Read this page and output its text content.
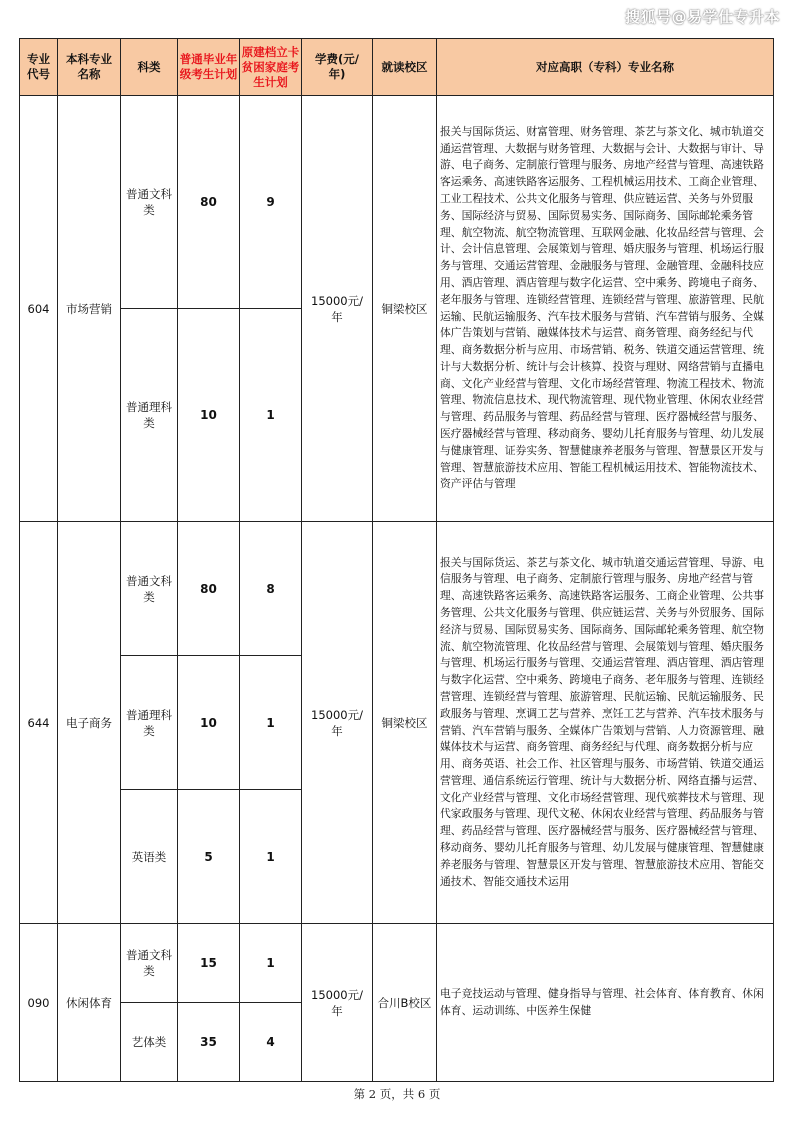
搜狐号@易学仕专升本
专业代号	本科专业名称	科类	普通毕业年级考生计划	原建档立卡贫困家庭考生计划	学费(元/年)	就读校区	对应高职（专科）专业名称
604	市场营销	普通文科类	80	9	15000元/年	铜梁校区	报关与国际货运、财富管理、财务管理、茶艺与茶文化、城市轨道交通运营管理、大数据与财务管理、大数据与会计、大数据与审计、导游、电子商务、定制旅行管理与服务、房地产经营与管理、高速铁路客运乘务、高速铁路客运服务、工程机械运用技术、工商企业管理、工业工程技术、公共文化服务与管理、供应链运营、关务与外贸服务、国际经济与贸易、国际贸易实务、国际商务、国际邮轮乘务管理、航空物流、航空物流管理、互联网金融、化妆品经营与管理、会计、会计信息管理、会展策划与管理、婚庆服务与管理、机场运行服务与管理、交通运营管理、金融服务与管理、金融管理、金融科技应用、酒店管理、酒店管理与数字化运营、空中乘务、跨境电子商务、老年服务与管理、连锁经营管理、连锁经营与管理、旅游管理、民航运输、民航运输服务、汽车技术服务与营销、汽车营销与服务、全媒体广告策划与营销、融媒体技术与运营、商务管理、商务经纪与代理、商务数据分析与应用、市场营销、税务、铁道交通运营管理、统计与大数据分析、统计与会计核算、投资与理财、网络营销与直播电商、文化产业经营与管理、文化市场经营管理、物流工程技术、物流管理、物流信息技术、现代物流管理、现代物业管理、休闲农业经营与管理、药品服务与管理、药品经营与管理、医疗器械经营与服务、医疗器械经营与管理、移动商务、婴幼儿托育服务与管理、幼儿发展与健康管理、证券实务、智慧健康养老服务与管理、智慧景区开发与管理、智慧旅游技术应用、智能工程机械运用技术、智能物流技术、资产评估与管理
		普通理科类	10	1			
644	电子商务	普通文科类	80	8	15000元/年	铜梁校区	报关与国际货运、茶艺与茶文化、城市轨道交通运营管理、导游、电信服务与管理、电子商务、定制旅行管理与服务、房地产经营与管理、高速铁路客运乘务、高速铁路客运服务、工商企业管理、公共事务管理、公共文化服务与管理、供应链运营、关务与外贸服务、国际经济与贸易、国际贸易实务、国际商务、国际邮轮乘务管理、航空物流、航空物流管理、化妆品经营与管理、会展策划与管理、婚庆服务与管理、机场运行服务与管理、交通运营管理、酒店管理、酒店管理与数字化运营、空中乘务、跨境电子商务、老年服务与管理、连锁经营管理、连锁经营与管理、旅游管理、民航运输、民航运输服务、民政服务与管理、烹调工艺与营养、烹饪工艺与营养、汽车技术服务与营销、汽车营销与服务、全媒体广告策划与营销、人力资源管理、融媒体技术与运营、商务管理、商务经纪与代理、商务数据分析与应用、商务英语、社会工作、社区管理与服务、市场营销、铁道交通运营管理、通信系统运行管理、统计与大数据分析、网络直播与运营、文化产业经营与管理、文化市场经营管理、现代殡葬技术与管理、现代家政服务与管理、现代文秘、休闲农业经营与管理、药品服务与管理、药品经营与管理、医疗器械经营与服务、医疗器械经营与管理、移动商务、婴幼儿托育服务与管理、幼儿发展与健康管理、智慧健康养老服务与管理、智慧景区开发与管理、智慧旅游技术应用、智能交通技术、智能交通技术运用
		普通理科类	10	1			
		英语类	5	1			
090	休闲体育	普通文科类	15	1	15000元/年	合川B校区	电子竞技运动与管理、健身指导与管理、社会体育、体育教育、休闲体育、运动训练、中医养生保健
		艺体类	35	4			
第 2 页，共 6 页
